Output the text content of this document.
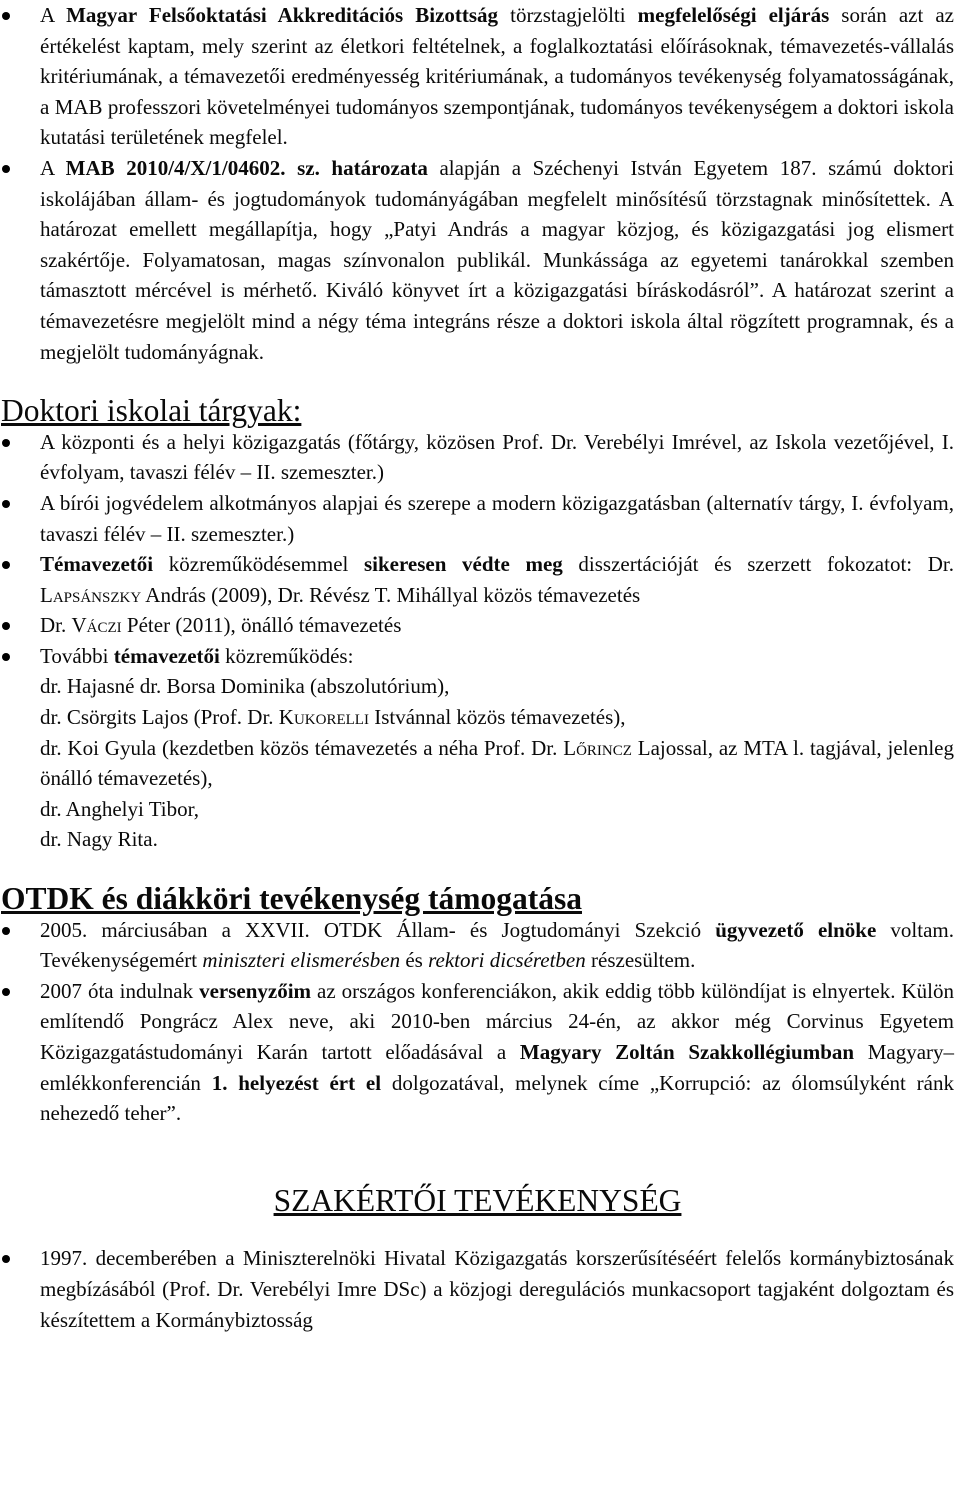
A Magyar Felsőoktatási Akkreditációs Bizottság törzstagjelölti megfelelőségi eljárás során azt az értékelést kaptam, mely szerint az életkori feltételnek, a foglalkoztatási előírásoknak, témavezetés-vállalás kritériumának, a témavezetői eredményesség kritériumának, a tudományos tevékenység folyamatosságának, a MAB professzori követelményei tudományos szempontjának, tudományos tevékenységem a doktori iskola kutatási területének megfelel.
A MAB 2010/4/X/1/04602. sz. határozata alapján a Széchenyi István Egyetem 187. számú doktori iskolájában állam- és jogtudományok tudományágában megfelelt minősítésű törzstagnak minősítettek. A határozat emellett megállapítja, hogy „Patyi András a magyar közjog, és közigazgatási jog elismert szakértője. Folyamatosan, magas színvonalon publikál. Munkássága az egyetemi tanárokkal szemben támasztott mércével is mérhető. Kiváló könyvet írt a közigazgatási bíráskodásról”. A határozat szerint a témavezetésre megjelölt mind a négy téma integráns része a doktori iskola által rögzített programnak, és a megjelölt tudományágnak.
Doktori iskolai tárgyak:
A központi és a helyi közigazgatás (főtárgy, közösen Prof. Dr. Verebélyi Imrével, az Iskola vezetőjével, I. évfolyam, tavaszi félév – II. szemeszter.)
A bírói jogvédelem alkotmányos alapjai és szerepe a modern közigazgatásban (alternatív tárgy, I. évfolyam, tavaszi félév – II. szemeszter.)
Témavezetői közreműködésemmel sikeresen védte meg disszertációját és szerzett fokozatot: Dr. Lapsánszky András (2009), Dr. Révész T. Mihállyal közös témavezetés
Dr. Váczi Péter (2011), önálló témavezetés
További témavezetői közreműködés:
dr. Hajasné dr. Borsa Dominika (abszolutórium),
dr. Csörgits Lajos (Prof. Dr. Kukorelli Istvánnal közös témavezetés),
dr. Koi Gyula (kezdetben közös témavezetés a néha Prof. Dr. Lőrincz Lajossal, az MTA l. tagjával, jelenleg önálló témavezetés),
dr. Anghelyi Tibor,
dr. Nagy Rita.
OTDK és diákköri tevékenység támogatása
2005. márciusában a XXVII. OTDK Állam- és Jogtudományi Szekció ügyvezető elnöke voltam. Tevékenységemért miniszteri elismerésben és rektori dicséretben részesültem.
2007 óta indulnak versenyzőim az országos konferenciákon, akik eddig több különdíjat is elnyertek. Külön említendő Pongrácz Alex neve, aki 2010-ben március 24-én, az akkor még Corvinus Egyetem Közigazgatástudományi Karán tartott előadásával a Magyary Zoltán Szakkollégiumban Magyary–emlékkonferencián 1. helyezést ért el dolgozatával, melynek címe „Korrupció: az ólomsúlyként ránk nehezedő teher”.
SZAKÉRTŐI TEVÉKENYSÉG
1997. decemberében a Miniszterelnöki Hivatal Közigazgatás korszerűsítéséért felelős kormánybiztosának megbízásából (Prof. Dr. Verebélyi Imre DSc) a közjogi deregulációs munkacsoport tagjaként dolgoztam és készítettem a Kormánybiztosság
